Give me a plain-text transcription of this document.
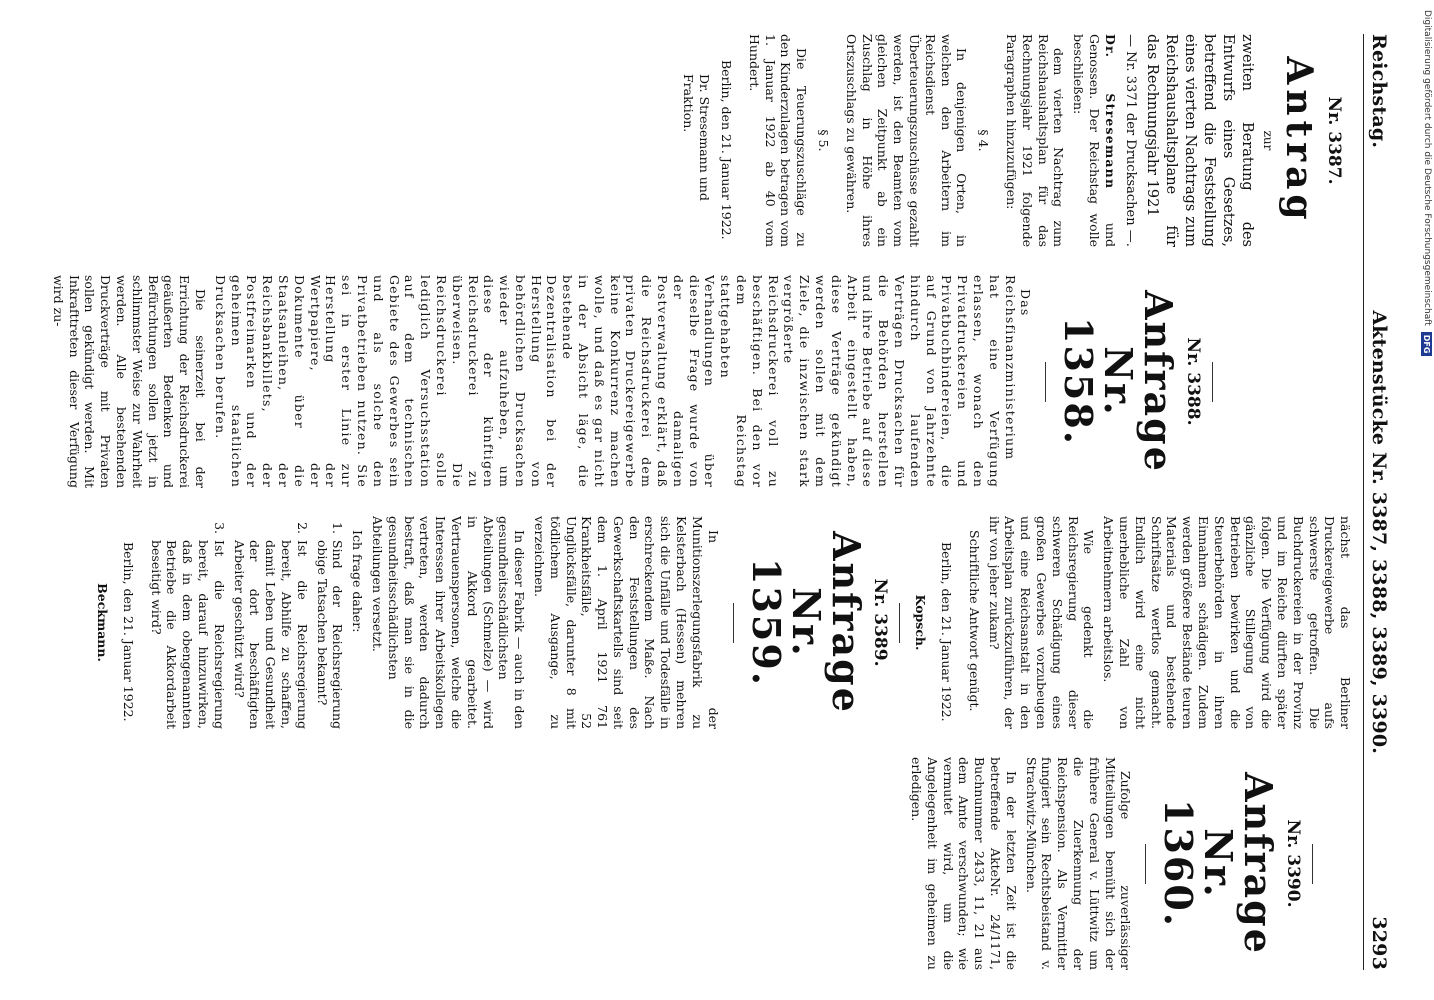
Digitalisierung gefördert durch die Deutsche Forschungsgemeinschaft
DFG
Reichstag.
Aktenstücke Nr. 3387, 3388, 3389, 3390.
3293
Nr. 3387.
Antrag
zur
zweiten Beratung des Entwurfs eines Gesetzes, betreffend die Feststellung eines vierten Nachtrags zum Reichshaushaltsplane für das Rechnungsjahr 1921
— Nr. 3371 der Drucksachen —.

Dr. Stresemann und Genossen. Der Reichstag wolle beschließen:

dem vierten Nachtrag zum Reichshaushaltsplan für das Rechnungsjahr 1921 folgende Paragraphen hinzuzufügen:

§ 4.

In denjenigen Orten, in welchen den Arbeitern im Reichsdienst Überteuerungszuschüsse gezahlt werden, ist den Beamten vom gleichen Zeitpunkt ab ein Zuschlag in Höhe ihres Ortszuschlags zu gewähren.

§ 5.

Die Teuerungszuschläge zu den Kinderzulagen betragen vom 1. Januar 1922 ab 40 vom Hundert.

Berlin, den 21. Januar 1922.
Dr. Stresemann und Fraktion.
Nr. 3388.
Anfrage Nr. 1358.

Das Reichsfinanzministerium hat eine Verfügung erlassen, wonach den Privatdruckereien und Privatbuchbindereien, die auf Grund von Jahrzehnte hindurch laufenden Verträgen Drucksachen für die Behörden herstellen und ihre Betriebe auf diese Arbeit eingestellt haben, diese Verträge gekündigt werden sollen mit dem Ziele, die inzwischen stark vergrößerte Reichsdruckerei voll zu beschäftigen. Bei den vor dem Reichstag stattgehabten Verhandlungen über dieselbe Frage wurde von der damaligen Postverwaltung erklärt, daß die Reichsdruckerei dem privaten Druckereigewerbe keine Konkurrenz machen wolle, und daß es gar nicht in der Absicht läge, die bestehende Dezentralisation bei der Herstellung von behördlichen Drucksachen wieder aufzuheben, um diese der künftigen Reichsdruckerei zu überweisen. Die Reichsdruckerei solle lediglich Versuchsstation auf dem technischen Gebiete des Gewerbes sein und als solche den Privatbetrieben nutzen. Sie sei in erster Linie zur Herstellung der Wertpapiere, der Dokumente über die Staatsanleihen, der Reichsbankbillets, der Postfreimarken und der geheimen staatlichen Drucksachen berufen.

Die seinerzeit bei der Errichtung der Reichsdruckerei geäußerten Bedenken und Befürchtungen sollen jetzt in schlimmster Weise zur Wahrheit werden. Alle bestehenden Druckverträge mit Privaten sollen gekündigt werden. Mit Inkrafttreten dieser Verfügung wird zu-

nächst das Berliner Druckereigewerbe aufs schwerste getroffen. Die Buchdruckereien in der Provinz und im Reiche dürften später folgen. Die Verfügung wird die gänzliche Stillegung von Betrieben bewirken und die Steuerbehörden in ihren Einnahmen schädigen. Zudem werden größere Bestände teuren Materials und bestehende Schriftsätze wertlos gemacht. Endlich wird eine nicht unerhebliche Zahl von Arbeitnehmern arbeitslos.

Wie gedenkt die Reichsregierung dieser schweren Schädigung eines großen Gewerbes vorzubeugen und eine Reichsanstalt in den Arbeitsplan zurückzuführen, der ihr von jeher zukam?

Schriftliche Antwort genügt.

Berlin, den 21. Januar 1922.
Kopsch.
Nr. 3389.
Anfrage Nr. 1359.

In der Munitionszerlegungsfabrik zu Kelsterbach (Hessen) mehren sich die Unfälle und Todesfälle in erschreckendem Maße. Nach den Feststellungen des Gewerkschaftskartells sind seit dem 1. April 1921 761 Krankheitsfälle, 52 Unglücksfälle, darunter 8 mit tödlichem Ausgange, zu verzeichnen.

In dieser Fabrik — auch in den gesundheitsschädlichsten Abteilungen (Schmelze) — wird in Akkord gearbeitet. Vertrauenspersonen, welche die Interessen ihrer Arbeitskollegen vertreten, werden dadurch bestraft, daß man sie in die gesundheitsschädlichsten Abteilungen versetzt.

Ich frage daher:

1.
Sind der Reichsregierung obige Tatsachen bekannt?
2.
Ist die Reichsregierung bereit, Abhilfe zu schaffen, damit Leben und Gesundheit der dort beschäftigten Arbeiter geschützt wird?
3.
Ist die Reichsregierung bereit, darauf hinzuwirken, daß in dem obengenannten Betriebe die Akkordarbeit beseitigt wird?
Berlin, den 21. Januar 1922.
Beckmann.
Nr. 3390.
Anfrage Nr. 1360.

Zufolge zuverlässiger Mitteilungen bemüht sich der frühere General v. Lüttwitz um die Zuerkennung der Reichspension. Als Vermittler fungiert sein Rechtsbeistand v. Strachwitz-München.

In der letzten Zeit ist die betreffende AkteNr. 24/1171, Buchnummer 2433, 11, 21 aus dem Amte verschwunden; wie vermutet wird, um die Angelegenheit im geheimen zu erledigen.
